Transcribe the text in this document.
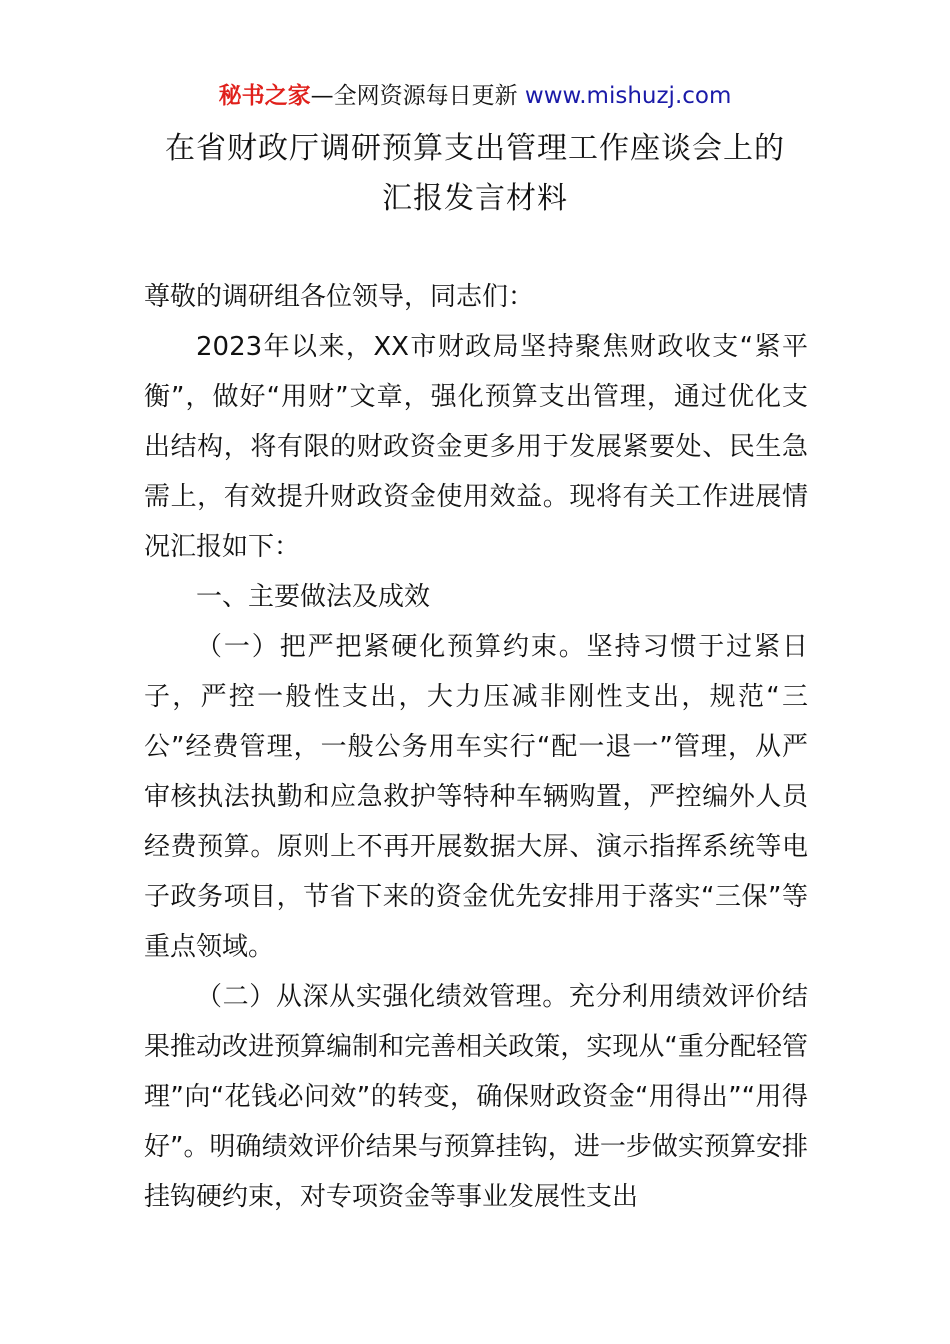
秘书之家—全网资源每日更新 www.mishuzj.com
在省财政厅调研预算支出管理工作座谈会上的
汇报发言材料

尊敬的调研组各位领导，同志们：

2023年以来，XX市财政局坚持聚焦财政收支“紧平衡”，做好“用财”文章，强化预算支出管理，通过优化支出结构，将有限的财政资金更多用于发展紧要处、民生急需上，有效提升财政资金使用效益。现将有关工作进展情况汇报如下：

一、主要做法及成效

（一）把严把紧硬化预算约束。坚持习惯于过紧日子，严控一般性支出，大力压减非刚性支出，规范“三公”经费管理，一般公务用车实行“配一退一”管理，从严审核执法执勤和应急救护等特种车辆购置，严控编外人员经费预算。原则上不再开展数据大屏、演示指挥系统等电子政务项目，节省下来的资金优先安排用于落实“三保”等重点领域。

（二）从深从实强化绩效管理。充分利用绩效评价结果推动改进预算编制和完善相关政策，实现从“重分配轻管理”向“花钱必问效”的转变，确保财政资金“用得出”“用得好”。明确绩效评价结果与预算挂钩，进一步做实预算安排挂钩硬约束，对专项资金等事业发展性支出
